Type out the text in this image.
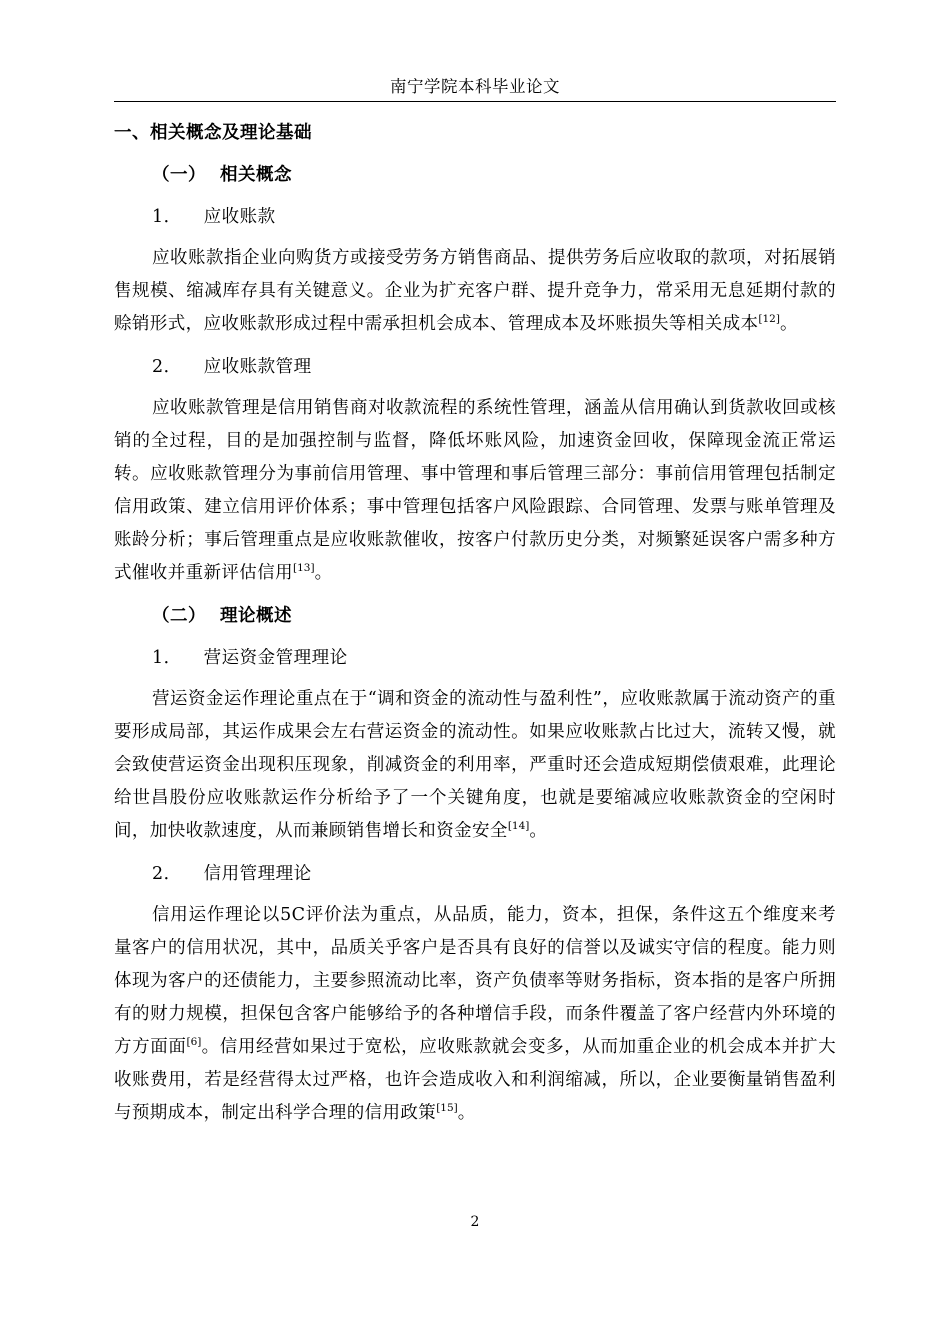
南宁学院本科毕业论文

一、相关概念及理论基础

（一） 相关概念

1． 应收账款

应收账款指企业向购货方或接受劳务方销售商品、提供劳务后应收取的款项，对拓展销售规模、缩减库存具有关键意义。企业为扩充客户群、提升竞争力，常采用无息延期付款的赊销形式，应收账款形成过程中需承担机会成本、管理成本及坏账损失等相关成本[12]。

2． 应收账款管理

应收账款管理是信用销售商对收款流程的系统性管理，涵盖从信用确认到货款收回或核销的全过程，目的是加强控制与监督，降低坏账风险，加速资金回收，保障现金流正常运转。应收账款管理分为事前信用管理、事中管理和事后管理三部分：事前信用管理包括制定信用政策、建立信用评价体系；事中管理包括客户风险跟踪、合同管理、发票与账单管理及账龄分析；事后管理重点是应收账款催收，按客户付款历史分类，对频繁延误客户需多种方式催收并重新评估信用[13]。

（二） 理论概述

1． 营运资金管理理论

营运资金运作理论重点在于“调和资金的流动性与盈利性”，应收账款属于流动资产的重要形成局部，其运作成果会左右营运资金的流动性。如果应收账款占比过大，流转又慢，就会致使营运资金出现积压现象，削减资金的利用率，严重时还会造成短期偿债艰难，此理论给世昌股份应收账款运作分析给予了一个关键角度，也就是要缩减应收账款资金的空闲时间，加快收款速度，从而兼顾销售增长和资金安全[14]。

2． 信用管理理论

信用运作理论以5C评价法为重点，从品质，能力，资本，担保，条件这五个维度来考量客户的信用状况，其中，品质关乎客户是否具有良好的信誉以及诚实守信的程度。能力则体现为客户的还债能力，主要参照流动比率，资产负债率等财务指标，资本指的是客户所拥有的财力规模，担保包含客户能够给予的各种增信手段，而条件覆盖了客户经营内外环境的方方面面[6]。信用经营如果过于宽松，应收账款就会变多，从而加重企业的机会成本并扩大收账费用，若是经营得太过严格，也许会造成收入和利润缩减，所以，企业要衡量销售盈利与预期成本，制定出科学合理的信用政策[15]。

2
